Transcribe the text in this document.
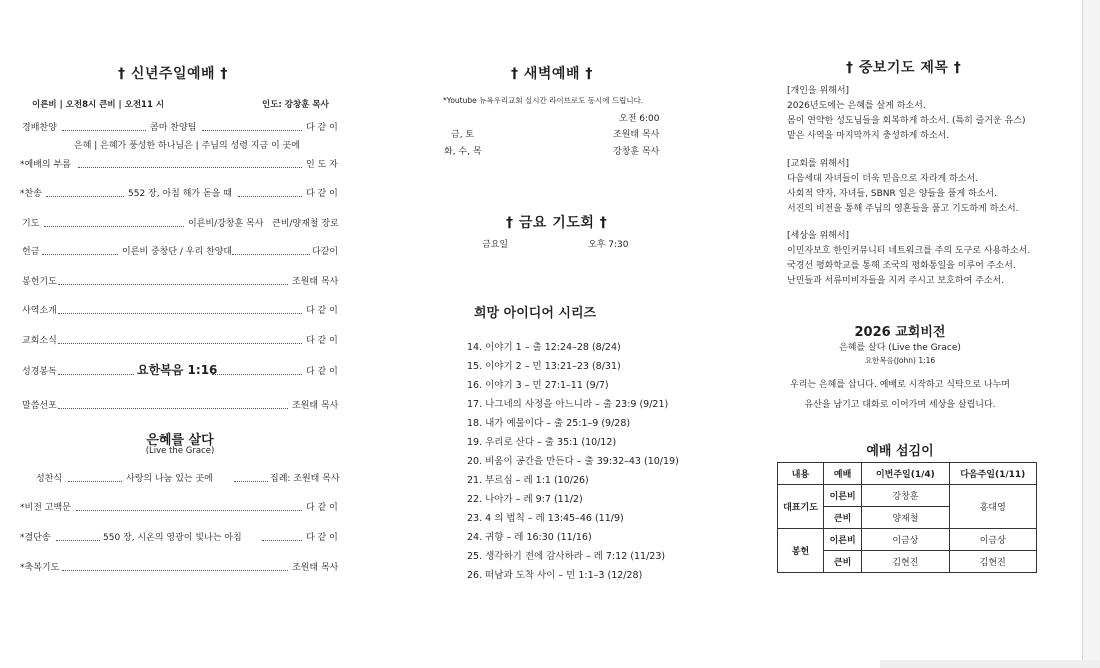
† 신년주일예배 †
이른비 | 오전8시 큰비 | 오전11 시	인도: 강창훈 목사
경배찬양	콤마 찬양팀	다 같 이
은혜 | 은혜가 풍성한 하나님은 | 주님의 성령 지금 이 곳에
*예배의 부름	인 도 자
*찬송	552 장, 아침 해가 돋을 때	다 같 이
기도	이른비/강창훈 목사 큰비/양재철 장로
헌금	이른비 중창단 / 우리 찬양대	다같이
봉헌기도	조원태 목사
사역소개	다 같 이
교회소식	다 같 이
성경봉독	요한복음 1:16	다 같 이
말씀선포	조원태 목사
은혜를 살다
(Live the Grace)
성찬식	사랑의 나눔 있는 곳에	집례: 조원태 목사
*비전 고백문	다 같 이
*결단송	550 장, 시온의 영광이 빛나는 아침	다 같 이
*축복기도	조원태 목사
† 새벽예배 †
*Youtube 뉴욕우리교회 실시간 라이브로도 동시에 드립니다.
오전 6:00
금, 토	조원태 목사
화, 수, 목	강창훈 목사
† 금요 기도회 †
금요일	오후 7:30
희망 아이디어 시리즈
14. 이야기 1 – 출 12:24–28 (8/24)
15. 이야기 2 – 민 13:21–23 (8/31)
16. 이야기 3 – 민 27:1–11 (9/7)
17. 나그네의 사정을 아느니라 – 출 23:9 (9/21)
18. 내가 예물이다 – 출 25:1–9 (9/28)
19. 우리로 산다 – 출 35:1 (10/12)
20. 비움이 공간을 만든다 – 출 39:32–43 (10/19)
21. 부르심 – 레 1:1 (10/26)
22. 나아가 – 레 9:7 (11/2)
23. 4 의 법칙 – 레 13:45–46 (11/9)
24. 귀향 – 레 16:30 (11/16)
25. 생각하기 전에 감사하라 – 레 7:12 (11/23)
26. 떠남과 도착 사이 – 민 1:1–3 (12/28)
† 중보기도 제목 †
[개인을 위해서]
2026년도에는 은혜를 살게 하소서.
몸이 연약한 성도님들을 회복하게 하소서. (특히 즐거운 유스)
맡은 사역을 마지막까지 충성하게 하소서.
[교회를 위해서]
다음세대 자녀들이 더욱 믿음으로 자라게 하소서.
사회적 약자, 자녀들, SBNR 일은 양들을 품게 하소서.
서진의 비전을 통해 주님의 영혼들을 품고 기도하게 하소서.
[세상을 위해서]
이민자보호 한인커뮤니티 네트워크를 주의 도구로 사용하소서.
국경선 평화학교를 통해 조국의 평화통일을 이루어 주소서.
난민들과 서류미비자들을 지켜 주시고 보호하여 주소서.
2026 교회비전
은혜를 살다 (Live the Grace)
요한복음(John) 1:16
우리는 은혜를 삽니다. 예배로 시작하고 식탁으로 나누며
유산을 남기고 대화로 이어가며 세상을 살립니다.
예배 섬김이
내용	예배	이번주일(1/4)	다음주일(1/11)
대표기도	이른비	강창훈	홍대영
	큰비	양재철	
봉헌	이른비	이금상	이금상
	큰비	김현진	김현진
